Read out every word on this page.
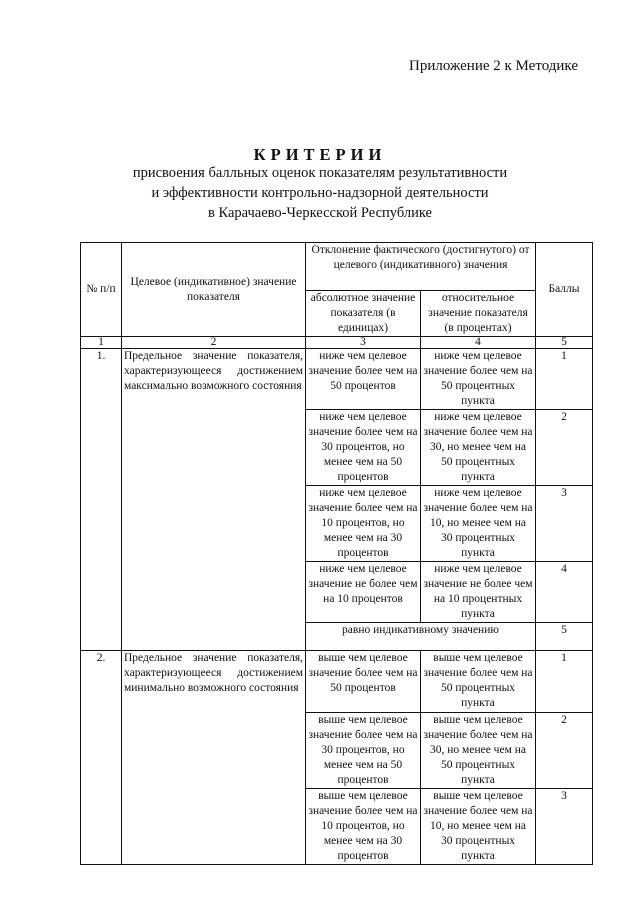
Приложение 2 к Методике
КРИТЕРИИ
присвоения балльных оценок показателям результативности
и эффективности контрольно-надзорной деятельности
в Карачаево-Черкесской Республике
№ п/п	Целевое (индикативное) значение показателя	Отклонение фактического (достигнутого) от целевого (индикативного) значения		Баллы
		абсолютное значение показателя (в единицах)	относительное значение показателя (в процентах)	
1	2	3	4	5
1.	Предельное значение показателя, характеризующееся достижением максимально возможного состояния	ниже чем целевое значение более чем на 50 процентов	ниже чем целевое значение более чем на 50 процентных пункта	1
		ниже чем целевое значение более чем на 30 процентов, но менее чем на 50 процентов	ниже чем целевое значение более чем на 30, но менее чем на 50 процентных пункта	2
		ниже чем целевое значение более чем на 10 процентов, но менее чем на 30 процентов	ниже чем целевое значение более чем на 10, но менее чем на 30 процентных пункта	3
		ниже чем целевое значение не более чем на 10 процентов	ниже чем целевое значение не более чем на 10 процентных пункта	4
		равно индикативному значению		5
2.	Предельное значение показателя, характеризующееся достижением минимально возможного состояния	выше чем целевое значение более чем на 50 процентов	выше чем целевое значение более чем на 50 процентных пункта	1
		выше чем целевое значение более чем на 30 процентов, но менее чем на 50 процентов	выше чем целевое значение более чем на 30, но менее чем на 50 процентных пункта	2
		выше чем целевое значение более чем на 10 процентов, но менее чем на 30 процентов	выше чем целевое значение более чем на 10, но менее чем на 30 процентных пункта	3
